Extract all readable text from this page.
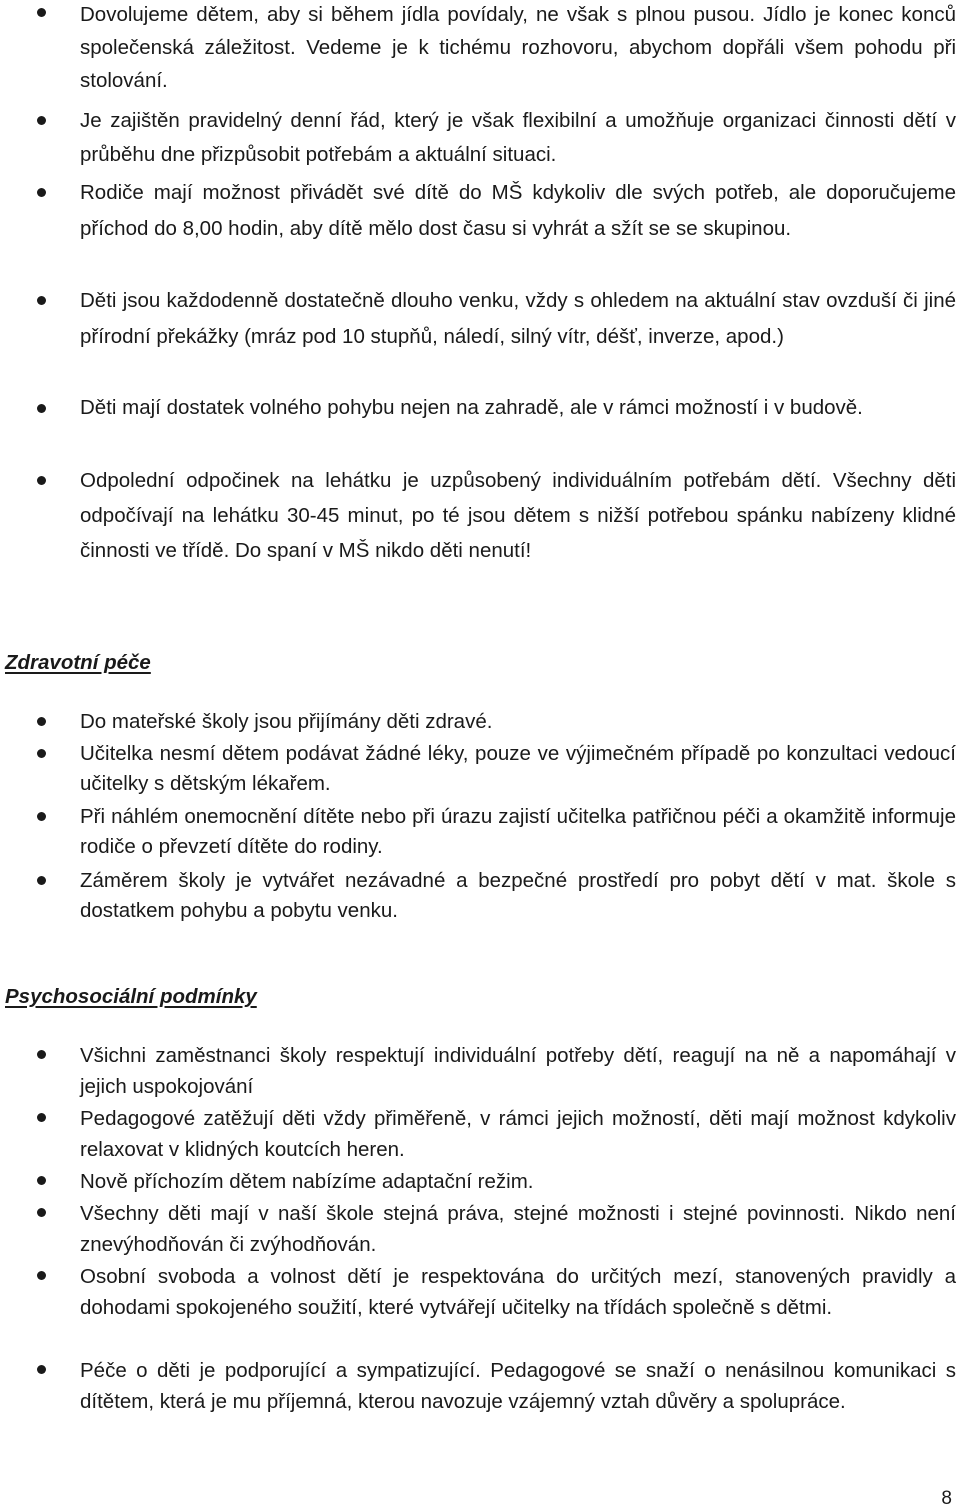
Dovolujeme dětem, aby si během jídla povídaly, ne však s plnou pusou. Jídlo je konec konců společenská záležitost. Vedeme je k tichému rozhovoru, abychom dopřáli všem pohodu při stolování.
Je zajištěn pravidelný denní řád, který je však flexibilní a umožňuje organizaci činnosti dětí v průběhu dne přizpůsobit potřebám a aktuální situaci.
Rodiče mají možnost přivádět své dítě do MŠ kdykoliv dle svých potřeb, ale doporučujeme příchod do 8,00 hodin, aby dítě mělo dost času si vyhrát a sžít se se skupinou.
Děti jsou každodenně dostatečně dlouho venku, vždy s ohledem na aktuální stav ovzduší či jiné přírodní překážky (mráz pod 10 stupňů, náledí, silný vítr, déšť, inverze, apod.)
Děti mají dostatek volného pohybu nejen na zahradě, ale v rámci možností i v budově.
Odpolední odpočinek na lehátku je uzpůsobený individuálním potřebám dětí. Všechny děti odpočívají na lehátku 30-45 minut, po té jsou dětem s nižší potřebou spánku nabízeny klidné činnosti ve třídě. Do spaní v MŠ nikdo děti nenutí!
Zdravotní péče
Do mateřské školy jsou přijímány děti zdravé.
Učitelka nesmí dětem podávat žádné léky, pouze ve výjimečném případě po konzultaci vedoucí učitelky s dětským lékařem.
Při náhlém onemocnění dítěte nebo při úrazu zajistí učitelka patřičnou péči a okamžitě informuje rodiče o převzetí dítěte do rodiny.
Záměrem školy je vytvářet nezávadné a bezpečné prostředí pro pobyt dětí v mat. škole s dostatkem pohybu a pobytu venku.
Psychosociální podmínky
Všichni zaměstnanci školy respektují individuální potřeby dětí, reagují na ně a napomáhají v jejich uspokojování
Pedagogové zatěžují děti vždy přiměřeně, v rámci jejich možností, děti mají možnost kdykoliv relaxovat v klidných koutcích heren.
Nově příchozím dětem nabízíme adaptační režim.
Všechny děti mají v naší škole stejná práva, stejné možnosti i stejné povinnosti. Nikdo není znevýhodňován či zvýhodňován.
Osobní svoboda a volnost dětí je respektována do určitých mezí, stanovených pravidly a dohodami spokojeného soužití, které vytvářejí učitelky na třídách společně s dětmi.
Péče o děti je podporující a sympatizující. Pedagogové se snaží o nenásilnou komunikaci s dítětem, která je mu příjemná, kterou navozuje vzájemný vztah důvěry a spolupráce.
8
